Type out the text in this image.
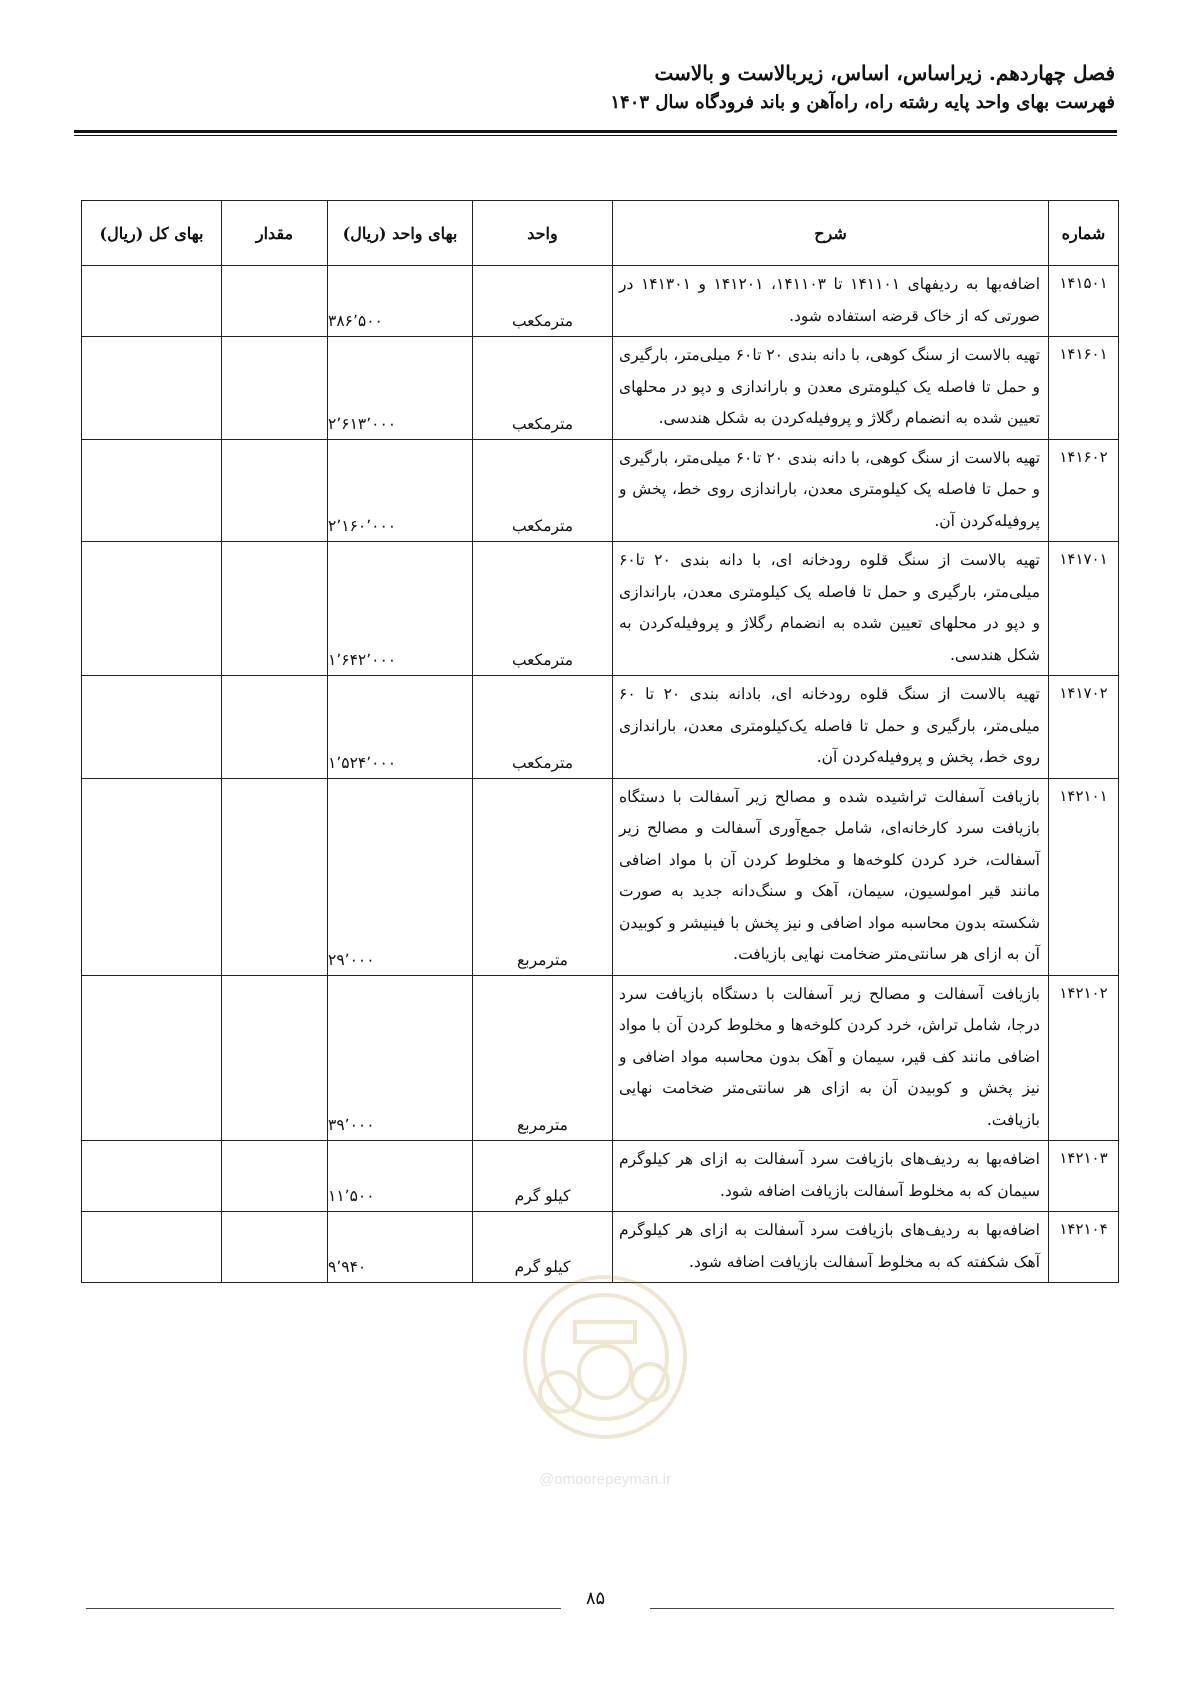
فصل چهاردهم. زیراساس، اساس، زیربالاست و بالاست
فهرست بهای واحد پایه رشته راه، راه‌آهن و باند فرودگاه سال ۱۴۰۳
شماره	شرح	واحد	بهای واحد (ریال)	مقدار	بهای کل (ریال)
۱۴۱۵۰۱	اضافه‌بها به ردیفهای ۱۴۱۱۰۱ تا ۱۴۱۱۰۳، ۱۴۱۲۰۱ و ۱۴۱۳۰۱ در صورتی که از خاک قرضه استفاده شود.	مترمکعب	۳۸۶٬۵۰۰		
۱۴۱۶۰۱	تهیه بالاست از سنگ کوهی، با دانه بندی ۲۰ تا۶۰ میلی‌متر، بارگیری و حمل تا فاصله یک کیلومتری معدن و باراندازی و دپو در محلهای تعیین شده به انضمام رگلاژ و پروفیله‌کردن به شکل هندسی.	مترمکعب	۲٬۶۱۳٬۰۰۰		
۱۴۱۶۰۲	تهیه بالاست از سنگ کوهی، با دانه بندی ۲۰ تا۶۰ میلی‌متر، بارگیری و حمل تا فاصله یک کیلومتری معدن، باراندازی روی خط، پخش و پروفیله‌کردن آن.	مترمکعب	۲٬۱۶۰٬۰۰۰		
۱۴۱۷۰۱	تهیه بالاست از سنگ قلوه رودخانه ای، با دانه بندی ۲۰ تا۶۰ میلی‌متر، بارگیری و حمل تا فاصله یک کیلومتری معدن، باراندازی و دپو در محلهای تعیین شده به انضمام رگلاژ و پروفیله‌کردن به شکل هندسی.	مترمکعب	۱٬۶۴۲٬۰۰۰		
۱۴۱۷۰۲	تهیه بالاست از سنگ قلوه رودخانه ای، بادانه بندی ۲۰ تا ۶۰ میلی‌متر، بارگیری و حمل تا فاصله یک‌کیلومتری معدن، باراندازی روی خط، پخش و پروفیله‌کردن آن.	مترمکعب	۱٬۵۲۴٬۰۰۰		
۱۴۲۱۰۱	بازیافت آسفالت تراشیده شده و مصالح زیر آسفالت با دستگاه بازیافت سرد کارخانه‌ای، شامل جمع‌آوری آسفالت و مصالح زیر آسفالت، خرد کردن کلوخه‌ها و مخلوط کردن آن با مواد اضافی مانند قیر امولسیون، سیمان، آهک و سنگ‌دانه جدید به صورت شکسته بدون محاسبه مواد اضافی و نیز پخش با فینیشر و کوبیدن آن به ازای هر سانتی‌متر ضخامت نهایی بازیافت.	مترمربع	۲۹٬۰۰۰		
۱۴۲۱۰۲	بازیافت آسفالت و مصالح زیر آسفالت با دستگاه بازیافت سرد درجا، شامل تراش، خرد کردن کلوخه‌ها و مخلوط کردن آن با مواد اضافی مانند کف قیر، سیمان و آهک بدون محاسبه مواد اضافی و نیز پخش و کوبیدن آن به ازای هر سانتی‌متر ضخامت نهایی بازیافت.	مترمربع	۳۹٬۰۰۰		
۱۴۲۱۰۳	اضافه‌بها به ردیف‌های بازیافت سرد آسفالت به ازای هر کیلوگرم سیمان که به مخلوط آسفالت بازیافت اضافه شود.	کیلو گرم	۱۱٬۵۰۰		
۱۴۲۱۰۴	اضافه‌بها به ردیف‌های بازیافت سرد آسفالت به ازای هر کیلوگرم آهک شکفته که به مخلوط آسفالت بازیافت اضافه شود.	کیلو گرم	۹٬۹۴۰		
@omoorepeyman.ir
۸۵
